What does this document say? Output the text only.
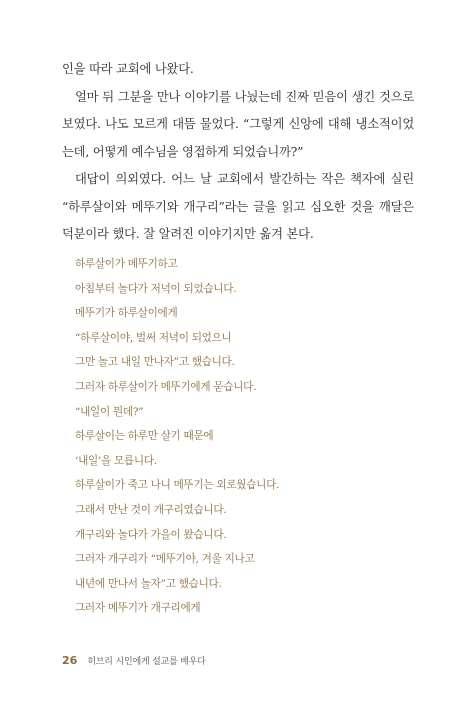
인을 따라 교회에 나왔다.

얼마 뒤 그분을 만나 이야기를 나눴는데 진짜 믿음이 생긴 것으로 보였다. 나도 모르게 대뜸 물었다. “그렇게 신앙에 대해 냉소적이었는데, 어떻게 예수님을 영접하게 되었습니까?”

대답이 의외였다. 어느 날 교회에서 발간하는 작은 책자에 실린 “하루살이와 메뚜기와 개구리”라는 글을 읽고 심오한 것을 깨달은 덕분이라 했다. 잘 알려진 이야기지만 옮겨 본다.

하루살이가 메뚜기하고
아침부터 놀다가 저녁이 되었습니다.
메뚜기가 하루살이에게
“하루살이야, 벌써 저녁이 되었으니
그만 놀고 내일 만나자”고 했습니다.
그러자 하루살이가 메뚜기에게 묻습니다.
“내일이 뭔데?”
하루살이는 하루만 살기 때문에
‘내일’을 모릅니다.
하루살이가 죽고 나니 메뚜기는 외로웠습니다.
그래서 만난 것이 개구리였습니다.
개구리와 놀다가 가을이 왔습니다.
그러자 개구리가 “메뚜기야, 겨울 지나고
내년에 만나서 놀자”고 했습니다.
그러자 메뚜기가 개구리에게
26 히브리 시인에게 설교를 배우다
